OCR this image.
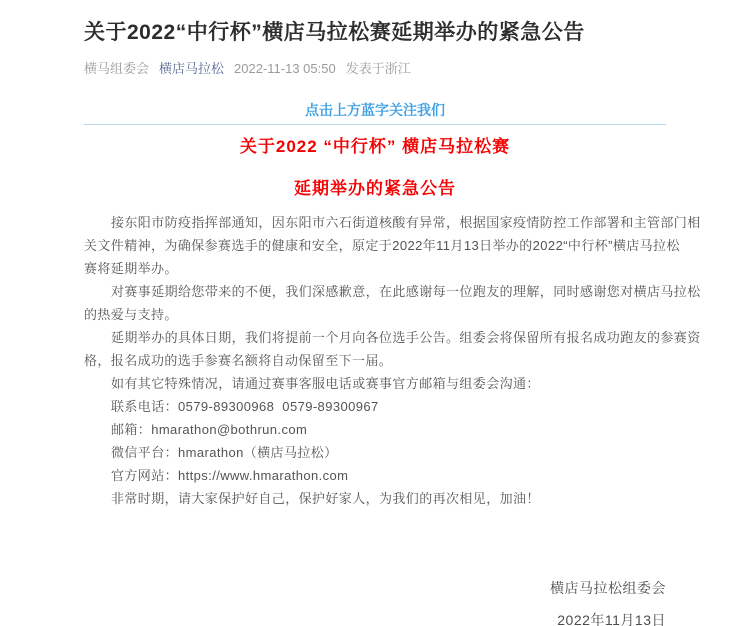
关于2022“中行杯”横店马拉松赛延期举办的紧急公告
横马组委会 横店马拉松 2022-11-13 05:50 发表于浙江
点击上方蓝字关注我们
关于2022 “中行杯” 横店马拉松赛
延期举办的紧急公告
接东阳市防疫指挥部通知，因东阳市六石街道核酸有异常，根据国家疫情防控工作部署和主管部门相
关文件精神，为确保参赛选手的健康和安全，原定于2022年11月13日举办的2022“中行杯”横店马拉松
赛将延期举办。
对赛事延期给您带来的不便，我们深感歉意，在此感谢每一位跑友的理解，同时感谢您对横店马拉松
的热爱与支持。
延期举办的具体日期，我们将提前一个月向各位选手公告。组委会将保留所有报名成功跑友的参赛资
格，报名成功的选手参赛名额将自动保留至下一届。
如有其它特殊情况，请通过赛事客服电话或赛事官方邮箱与组委会沟通：
联系电话：0579-89300968  0579-89300967
邮箱：hmarathon@bothrun.com
微信平台：hmarathon（横店马拉松）
官方网站：https://www.hmarathon.com
非常时期，请大家保护好自己，保护好家人，为我们的再次相见，加油！
横店马拉松组委会
2022年11月13日
